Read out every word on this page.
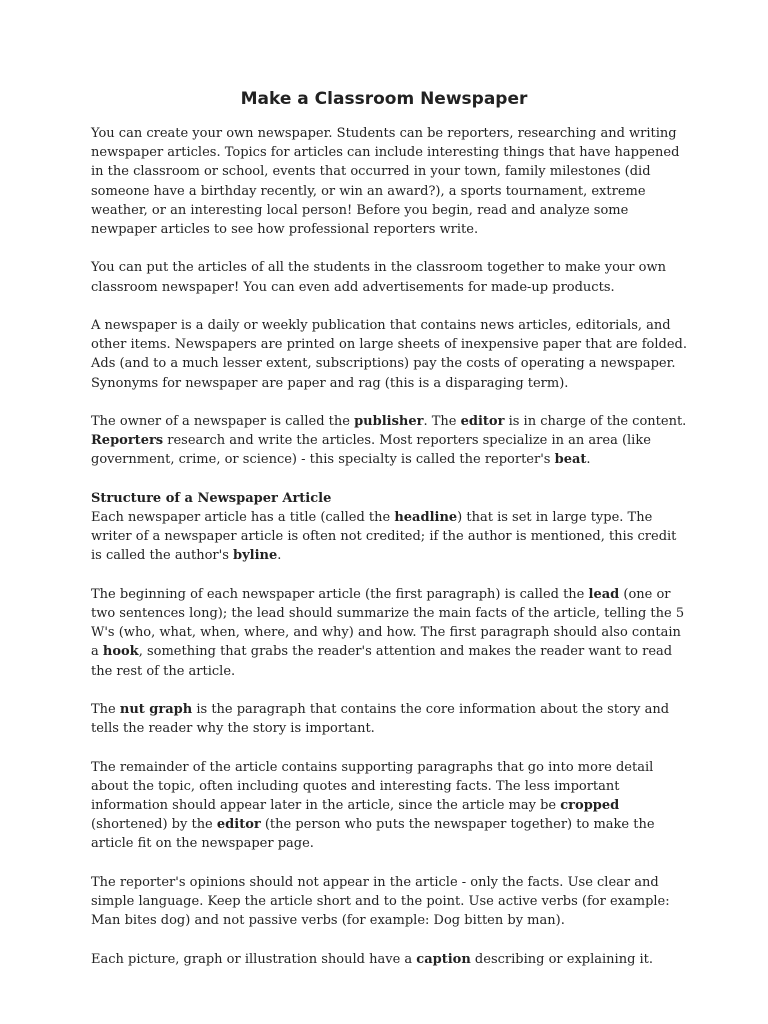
Make a Classroom Newspaper

You can create your own newspaper. Students can be reporters, researching and writing newspaper articles. Topics for articles can include interesting things that have happened in the classroom or school, events that occurred in your town, family milestones (did someone have a birthday recently, or win an award?), a sports tournament, extreme weather, or an interesting local person! Before you begin, read and analyze some newpaper articles to see how professional reporters write.

You can put the articles of all the students in the classroom together to make your own classroom newspaper! You can even add advertisements for made-up products.

A newspaper is a daily or weekly publication that contains news articles, editorials, and other items. Newspapers are printed on large sheets of inexpensive paper that are folded. Ads (and to a much lesser extent, subscriptions) pay the costs of operating a newspaper. Synonyms for newspaper are paper and rag (this is a disparaging term).

The owner of a newspaper is called the publisher. The editor is in charge of the content. Reporters research and write the articles. Most reporters specialize in an area (like government, crime, or science) - this specialty is called the reporter's beat.

Structure of a Newspaper Article

Each newspaper article has a title (called the headline) that is set in large type. The writer of a newspaper article is often not credited; if the author is mentioned, this credit is called the author's byline.

The beginning of each newspaper article (the first paragraph) is called the lead (one or two sentences long); the lead should summarize the main facts of the article, telling the 5 W's (who, what, when, where, and why) and how. The first paragraph should also contain a hook, something that grabs the reader's attention and makes the reader want to read the rest of the article.

The nut graph is the paragraph that contains the core information about the story and tells the reader why the story is important.

The remainder of the article contains supporting paragraphs that go into more detail about the topic, often including quotes and interesting facts. The less important information should appear later in the article, since the article may be cropped (shortened) by the editor (the person who puts the newspaper together) to make the article fit on the newspaper page.

The reporter's opinions should not appear in the article - only the facts. Use clear and simple language. Keep the article short and to the point. Use active verbs (for example: Man bites dog) and not passive verbs (for example: Dog bitten by man).

Each picture, graph or illustration should have a caption describing or explaining it.
